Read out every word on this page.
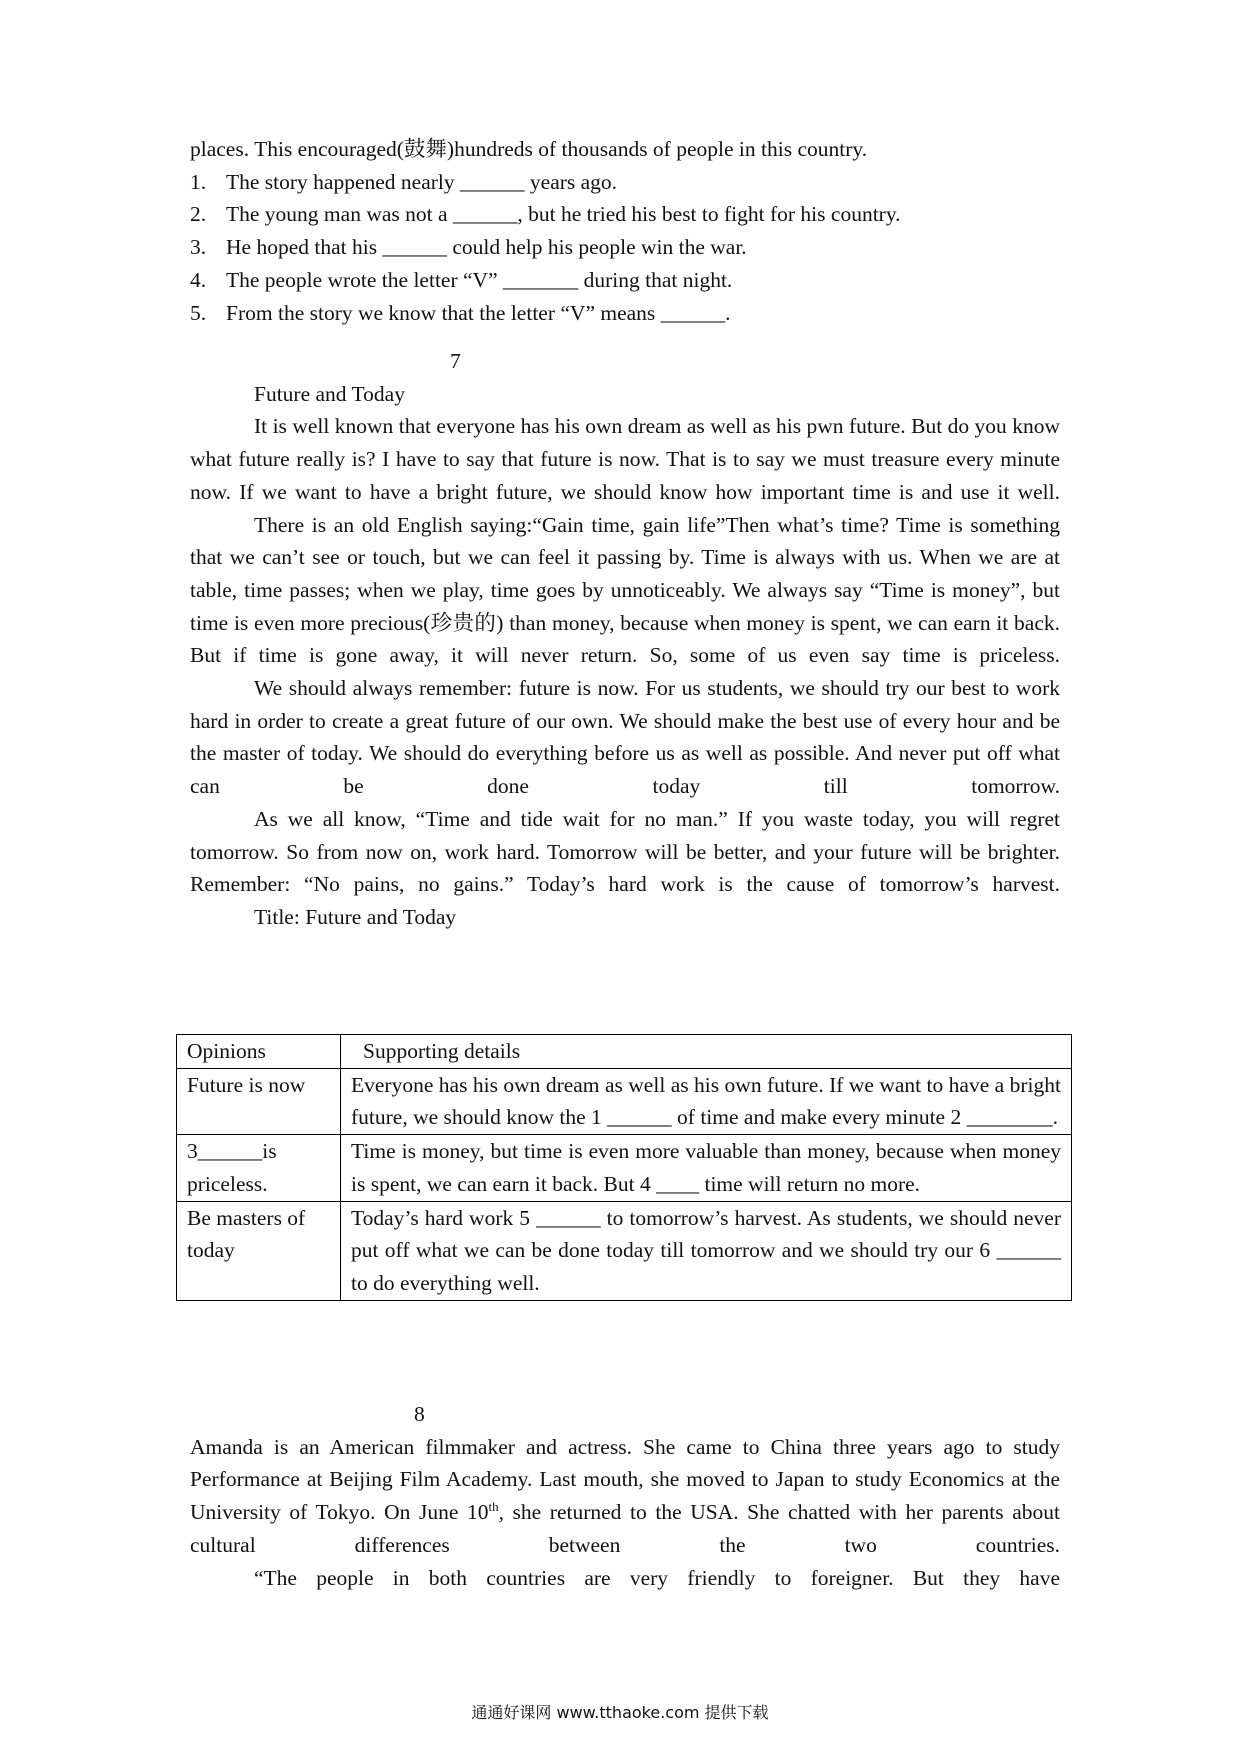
places. This encouraged(鼓舞)hundreds of thousands of people in this country.

1. The story happened nearly ______ years ago.
2. The young man was not a ______, but he tried his best to fight for his country.
3. He hoped that his ______ could help his people win the war.
4. The people wrote the letter “V” _______ during that night.
5. From the story we know that the letter “V” means ______.

7

Future and Today

It is well known that everyone has his own dream as well as his pwn future. But do you know what future really is? I have to say that future is now. That is to say we must treasure every minute now. If we want to have a bright future, we should know how important time is and use it well.

There is an old English saying:“Gain time, gain life”Then what’s time? Time is something that we can’t see or touch, but we can feel it passing by. Time is always with us. When we are at table, time passes; when we play, time goes by unnoticeably. We always say “Time is money”, but time is even more precious(珍贵的) than money, because when money is spent, we can earn it back. But if time is gone away, it will never return. So, some of us even say time is priceless.

We should always remember: future is now. For us students, we should try our best to work hard in order to create a great future of our own. We should make the best use of every hour and be the master of today. We should do everything before us as well as possible. And never put off what can be done today till tomorrow.

As we all know, “Time and tide wait for no man.” If you waste today, you will regret tomorrow. So from now on, work hard. Tomorrow will be better, and your future will be brighter. Remember: “No pains, no gains.” Today’s hard work is the cause of tomorrow’s harvest.

Title: Future and Today

Opinions	Supporting details
Future is now	Everyone has his own dream as well as his own future. If we want to have a bright future, we should know the 1 ______ of time and make every minute 2 ________.
3______is priceless.	Time is money, but time is even more valuable than money, because when money is spent, we can earn it back. But 4 ____ time will return no more.
Be masters of today	Today’s hard work 5 ______ to tomorrow’s harvest. As students, we should never put off what we can be done today till tomorrow and we should try our 6 ______ to do everything well.

8

Amanda is an American filmmaker and actress. She came to China three years ago to study Performance at Beijing Film Academy. Last mouth, she moved to Japan to study Economics at the University of Tokyo. On June 10th, she returned to the USA. She chatted with her parents about cultural differences between the two countries.

“The people in both countries are very friendly to foreigner. But they have

通通好课网 www.tthaoke.com 提供下载
